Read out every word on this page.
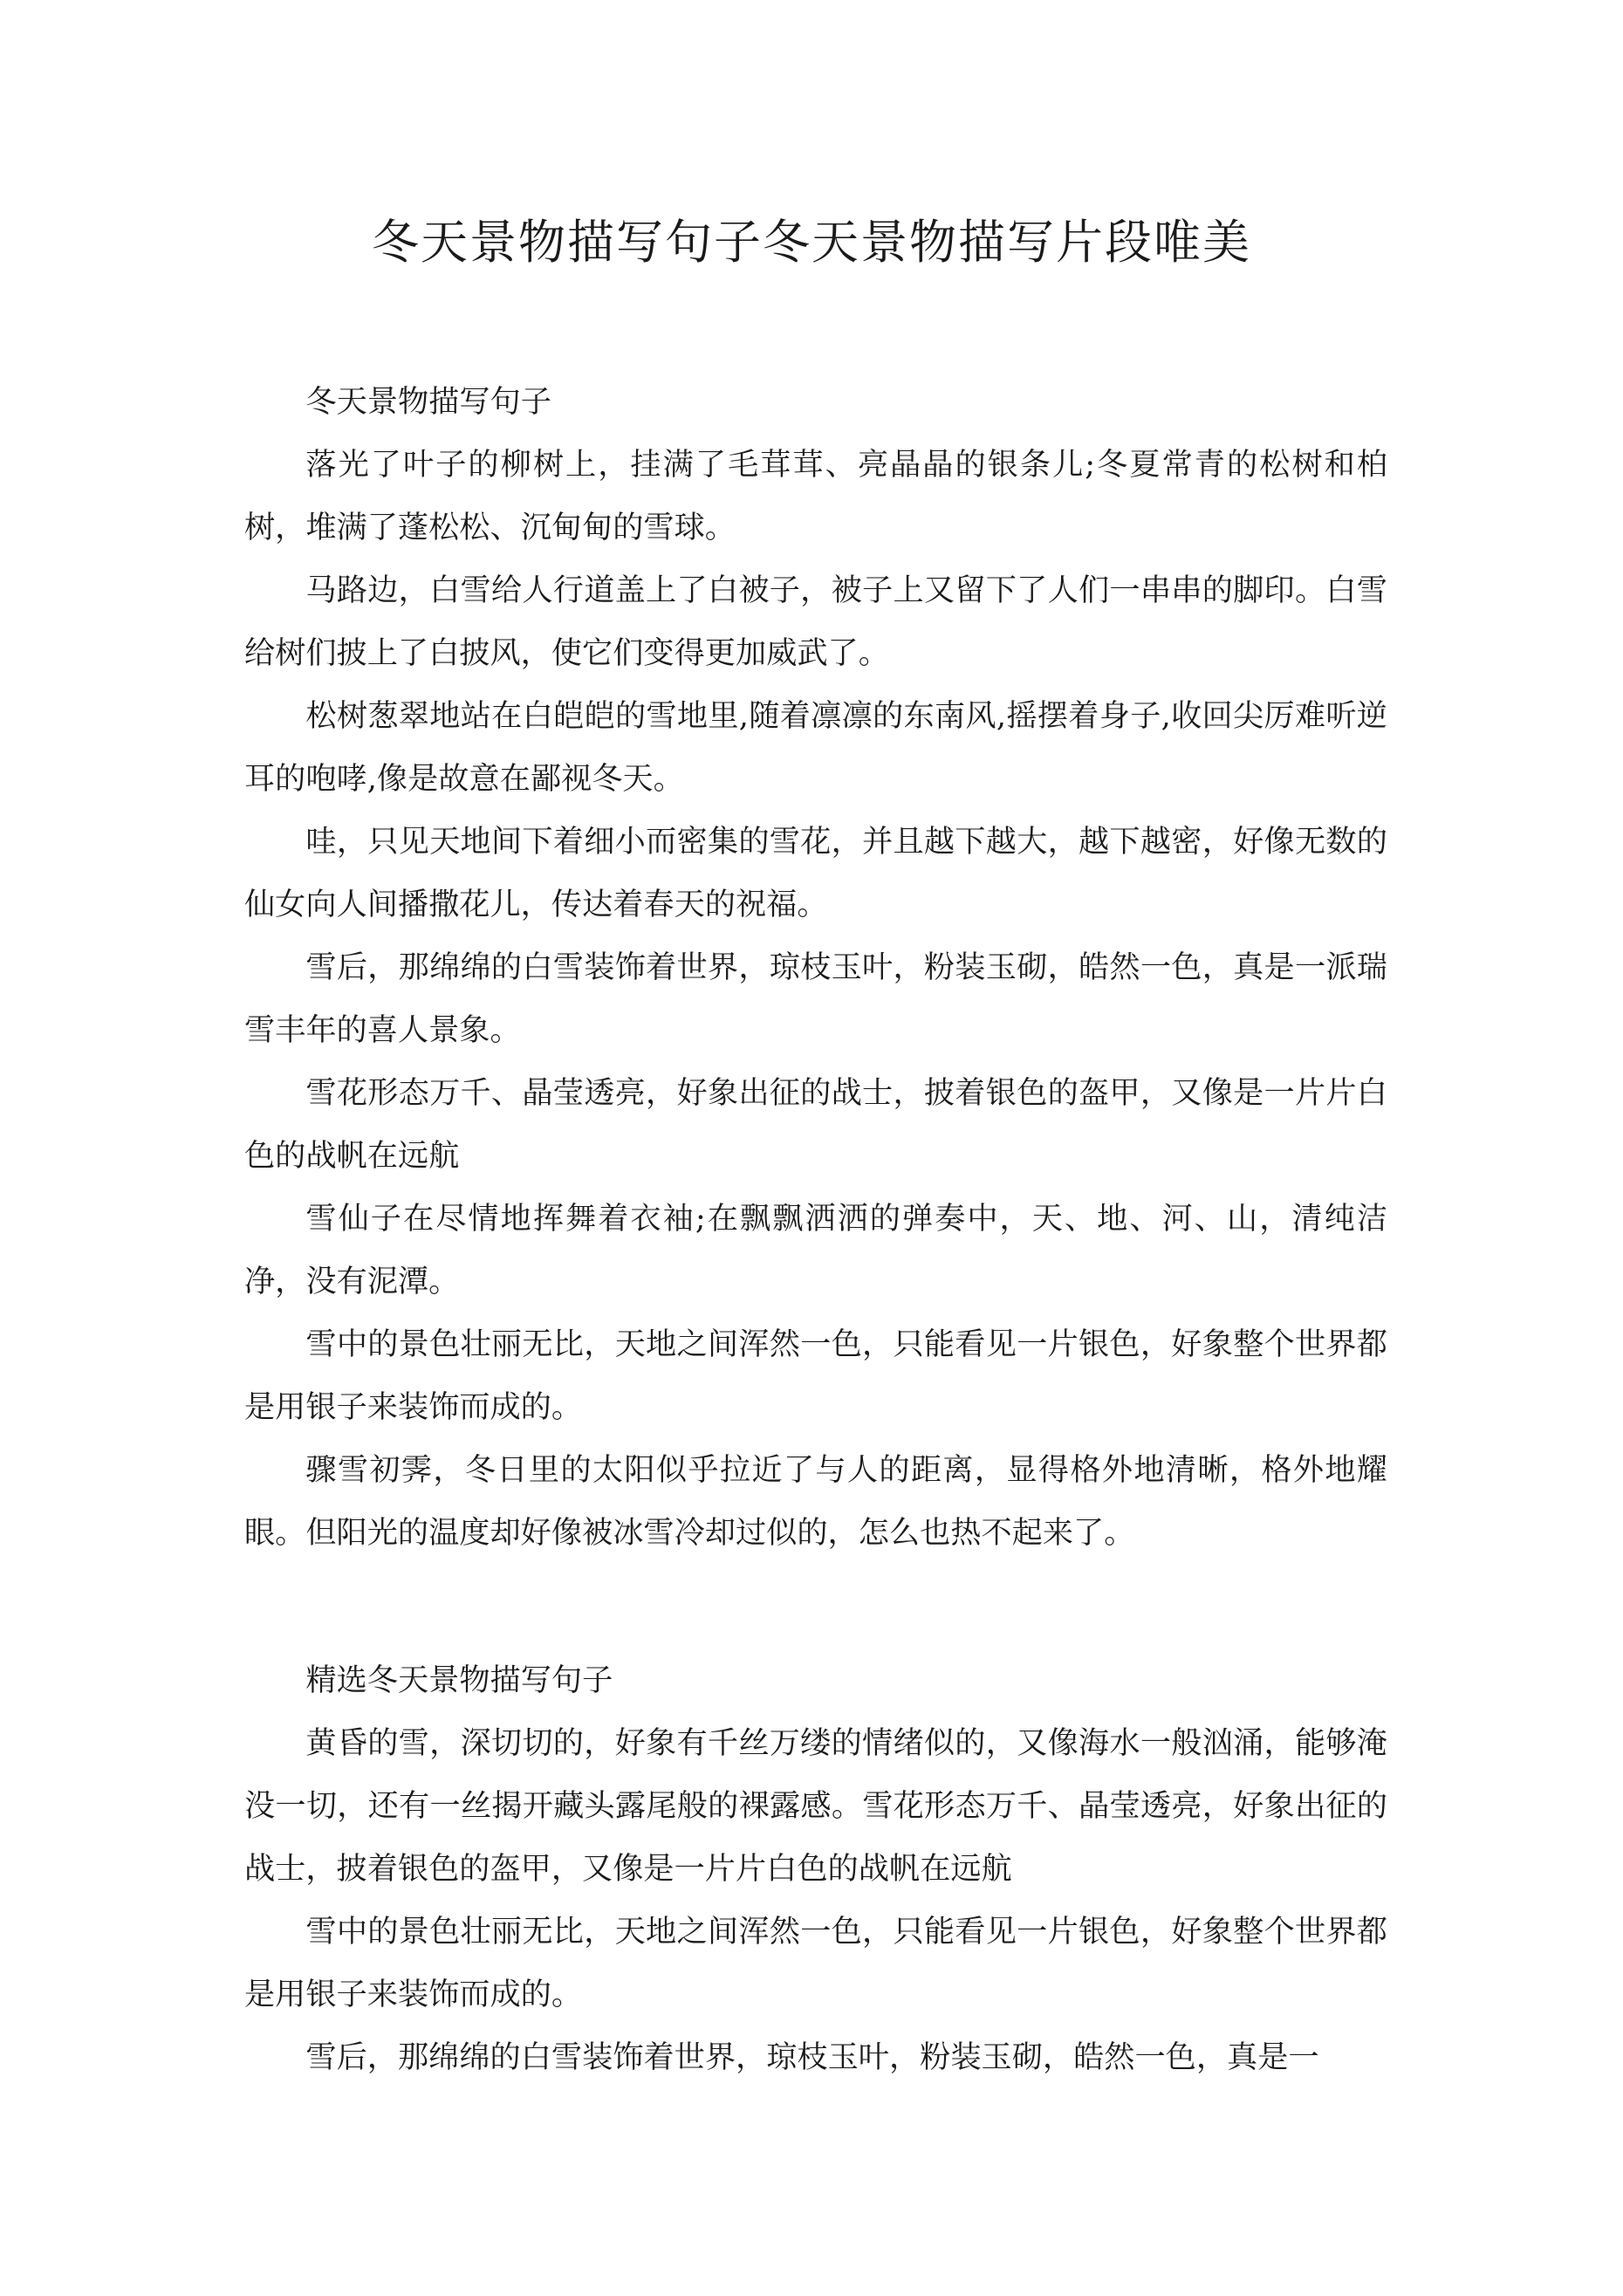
冬天景物描写句子冬天景物描写片段唯美

冬天景物描写句子

落光了叶子的柳树上，挂满了毛茸茸、亮晶晶的银条儿;冬夏常青的松树和柏树，堆满了蓬松松、沉甸甸的雪球。

马路边，白雪给人行道盖上了白被子，被子上又留下了人们一串串的脚印。白雪给树们披上了白披风，使它们变得更加威武了。

松树葱翠地站在白皑皑的雪地里,随着凛凛的东南风,摇摆着身子,收回尖厉难听逆耳的咆哮,像是故意在鄙视冬天。

哇，只见天地间下着细小而密集的雪花，并且越下越大，越下越密，好像无数的仙女向人间播撒花儿，传达着春天的祝福。

雪后，那绵绵的白雪装饰着世界，琼枝玉叶，粉装玉砌，皓然一色，真是一派瑞雪丰年的喜人景象。

雪花形态万千、晶莹透亮，好象出征的战士，披着银色的盔甲，又像是一片片白色的战帆在远航

雪仙子在尽情地挥舞着衣袖;在飘飘洒洒的弹奏中，天、地、河、山，清纯洁净，没有泥潭。

雪中的景色壮丽无比，天地之间浑然一色，只能看见一片银色，好象整个世界都是用银子来装饰而成的。

骤雪初霁，冬日里的太阳似乎拉近了与人的距离，显得格外地清晰，格外地耀眼。但阳光的温度却好像被冰雪冷却过似的，怎么也热不起来了。

精选冬天景物描写句子

黄昏的雪，深切切的，好象有千丝万缕的情绪似的，又像海水一般汹涌，能够淹没一切，还有一丝揭开藏头露尾般的裸露感。雪花形态万千、晶莹透亮，好象出征的战士，披着银色的盔甲，又像是一片片白色的战帆在远航

雪中的景色壮丽无比，天地之间浑然一色，只能看见一片银色，好象整个世界都是用银子来装饰而成的。

雪后，那绵绵的白雪装饰着世界，琼枝玉叶，粉装玉砌，皓然一色，真是一
